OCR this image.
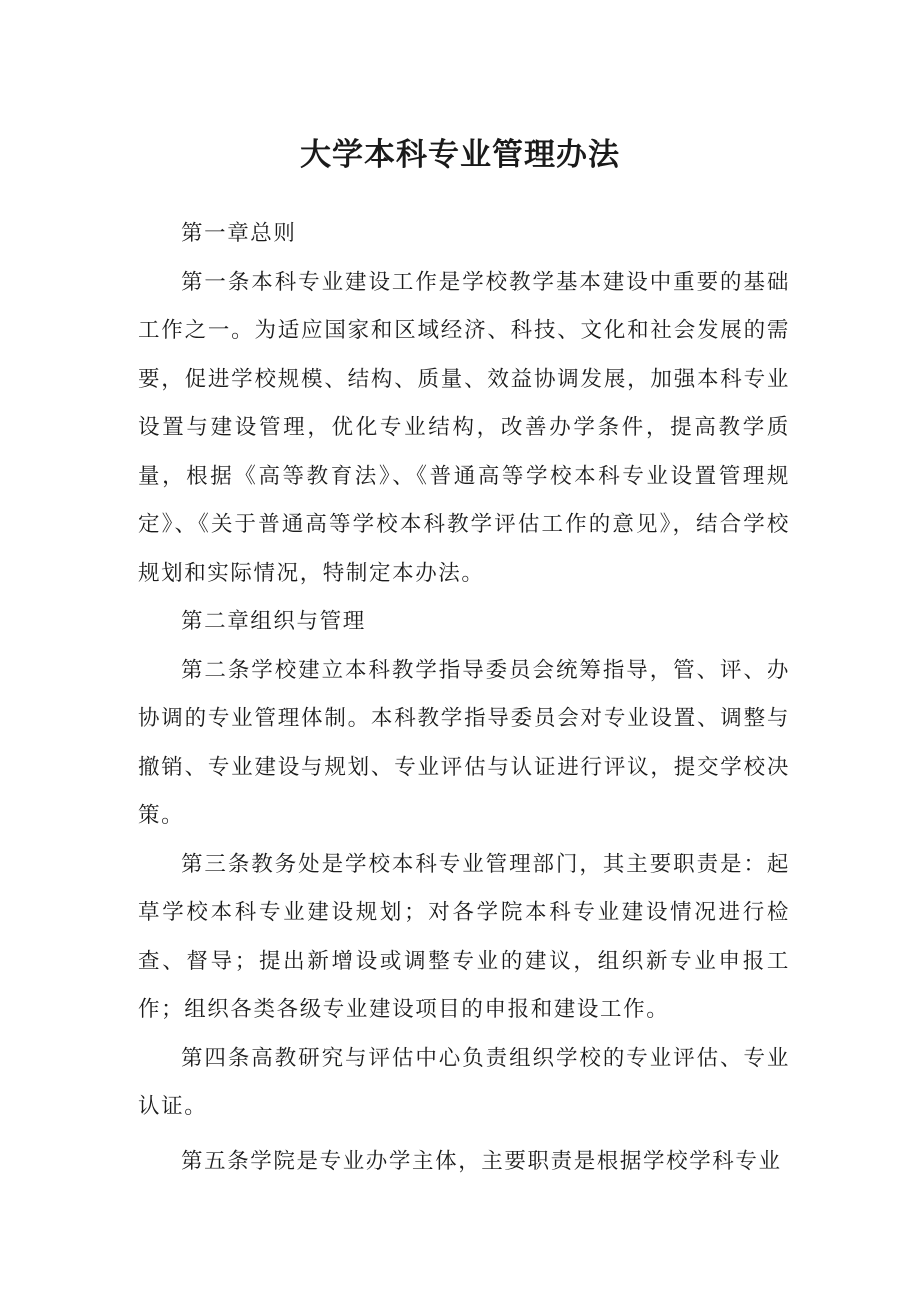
大学本科专业管理办法

第一章总则

第一条本科专业建设工作是学校教学基本建设中重要的基础工作之一。为适应国家和区域经济、科技、文化和社会发展的需要，促进学校规模、结构、质量、效益协调发展，加强本科专业设置与建设管理，优化专业结构，改善办学条件，提高教学质量，根据《高等教育法》、《普通高等学校本科专业设置管理规定》、《关于普通高等学校本科教学评估工作的意见》，结合学校规划和实际情况，特制定本办法。

第二章组织与管理

第二条学校建立本科教学指导委员会统筹指导，管、评、办协调的专业管理体制。本科教学指导委员会对专业设置、调整与撤销、专业建设与规划、专业评估与认证进行评议，提交学校决策。

第三条教务处是学校本科专业管理部门，其主要职责是：起草学校本科专业建设规划；对各学院本科专业建设情况进行检查、督导；提出新增设或调整专业的建议，组织新专业申报工作；组织各类各级专业建设项目的申报和建设工作。

第四条高教研究与评估中心负责组织学校的专业评估、专业认证。

第五条学院是专业办学主体，主要职责是根据学校学科专业
